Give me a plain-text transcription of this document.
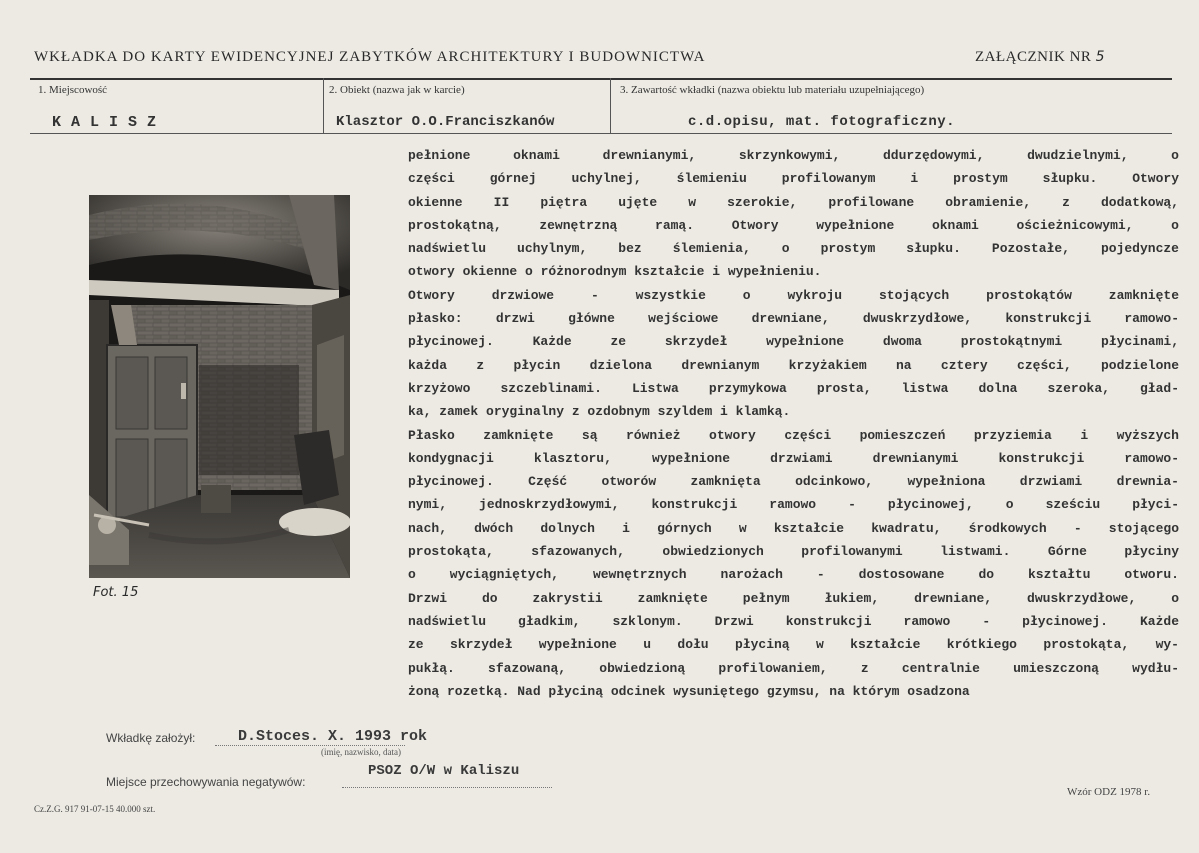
WKŁADKA DO KARTY EWIDENCYJNEJ ZABYTKÓW ARCHITEKTURY I BUDOWNICTWA	ZAŁĄCZNIK NR 5
1. Miejscowość	2. Obiekt (nazwa jak w karcie)	3. Zawartość wkładki (nazwa obiektu lub materiału uzupełniającego)
KALISZ	Klasztor O.O.Franciszkanów	c.d.opisu, mat. fotograficzny.
Fot. 15
pełnione oknami drewnianymi, skrzynkowymi, ddurzędowymi, dwudzielnymi, o
części górnej uchylnej, ślemieniu profilowanym i prostym słupku. Otwory
okienne II piętra ujęte w szerokie, profilowane obramienie, z dodatkową,
prostokątną, zewnętrzną ramą. Otwory wypełnione oknami ościeżnicowymi, o
nadświetlu uchylnym, bez ślemienia, o prostym słupku. Pozostałe, pojedyncze
otwory okienne o różnorodnym kształcie i wypełnieniu.
Otwory drzwiowe - wszystkie o wykroju stojących prostokątów zamknięte
płasko: drzwi główne wejściowe drewniane, dwuskrzydłowe, konstrukcji ramowo-
płycinowej. Każde ze skrzydeł wypełnione dwoma prostokątnymi płycinami,
każda z płycin dzielona drewnianym krzyżakiem na cztery części, podzielone
krzyżowo szczeblinami. Listwa przymykowa prosta, listwa dolna szeroka, gład-
ka, zamek oryginalny z ozdobnym szyldem i klamką.
Płasko zamknięte są również otwory części pomieszczeń przyziemia i wyższych
kondygnacji klasztoru, wypełnione drzwiami drewnianymi konstrukcji ramowo-
płycinowej. Część otworów zamknięta odcinkowo, wypełniona drzwiami drewnia-
nymi, jednoskrzydłowymi, konstrukcji ramowo - płycinowej, o sześciu płyci-
nach, dwóch dolnych i górnych w kształcie kwadratu, środkowych - stojącego
prostokąta, sfazowanych, obwiedzionych profilowanymi listwami. Górne płyciny
o wyciągniętych, wewnętrznych narożach - dostosowane do kształtu otworu.
Drzwi do zakrystii zamknięte pełnym łukiem, drewniane, dwuskrzydłowe, o
nadświetlu gładkim, szklonym. Drzwi konstrukcji ramowo - płycinowej. Każde
ze skrzydeł wypełnione u dołu płyciną w kształcie krótkiego prostokąta, wy-
pukłą. sfazowaną, obwiedzioną profilowaniem, z centralnie umieszczoną wydłu-
żoną rozetką. Nad płyciną odcinek wysuniętego gzymsu, na którym osadzona
Wkładkę założył:	D.Stoces. X. 1993 rok
(imię, nazwisko, data)
Miejsce przechowywania negatywów:
PSOZ O/W w Kaliszu
Wzór ODZ 1978 r.
Cz.Z.G. 917 91-07-15 40.000 szt.
